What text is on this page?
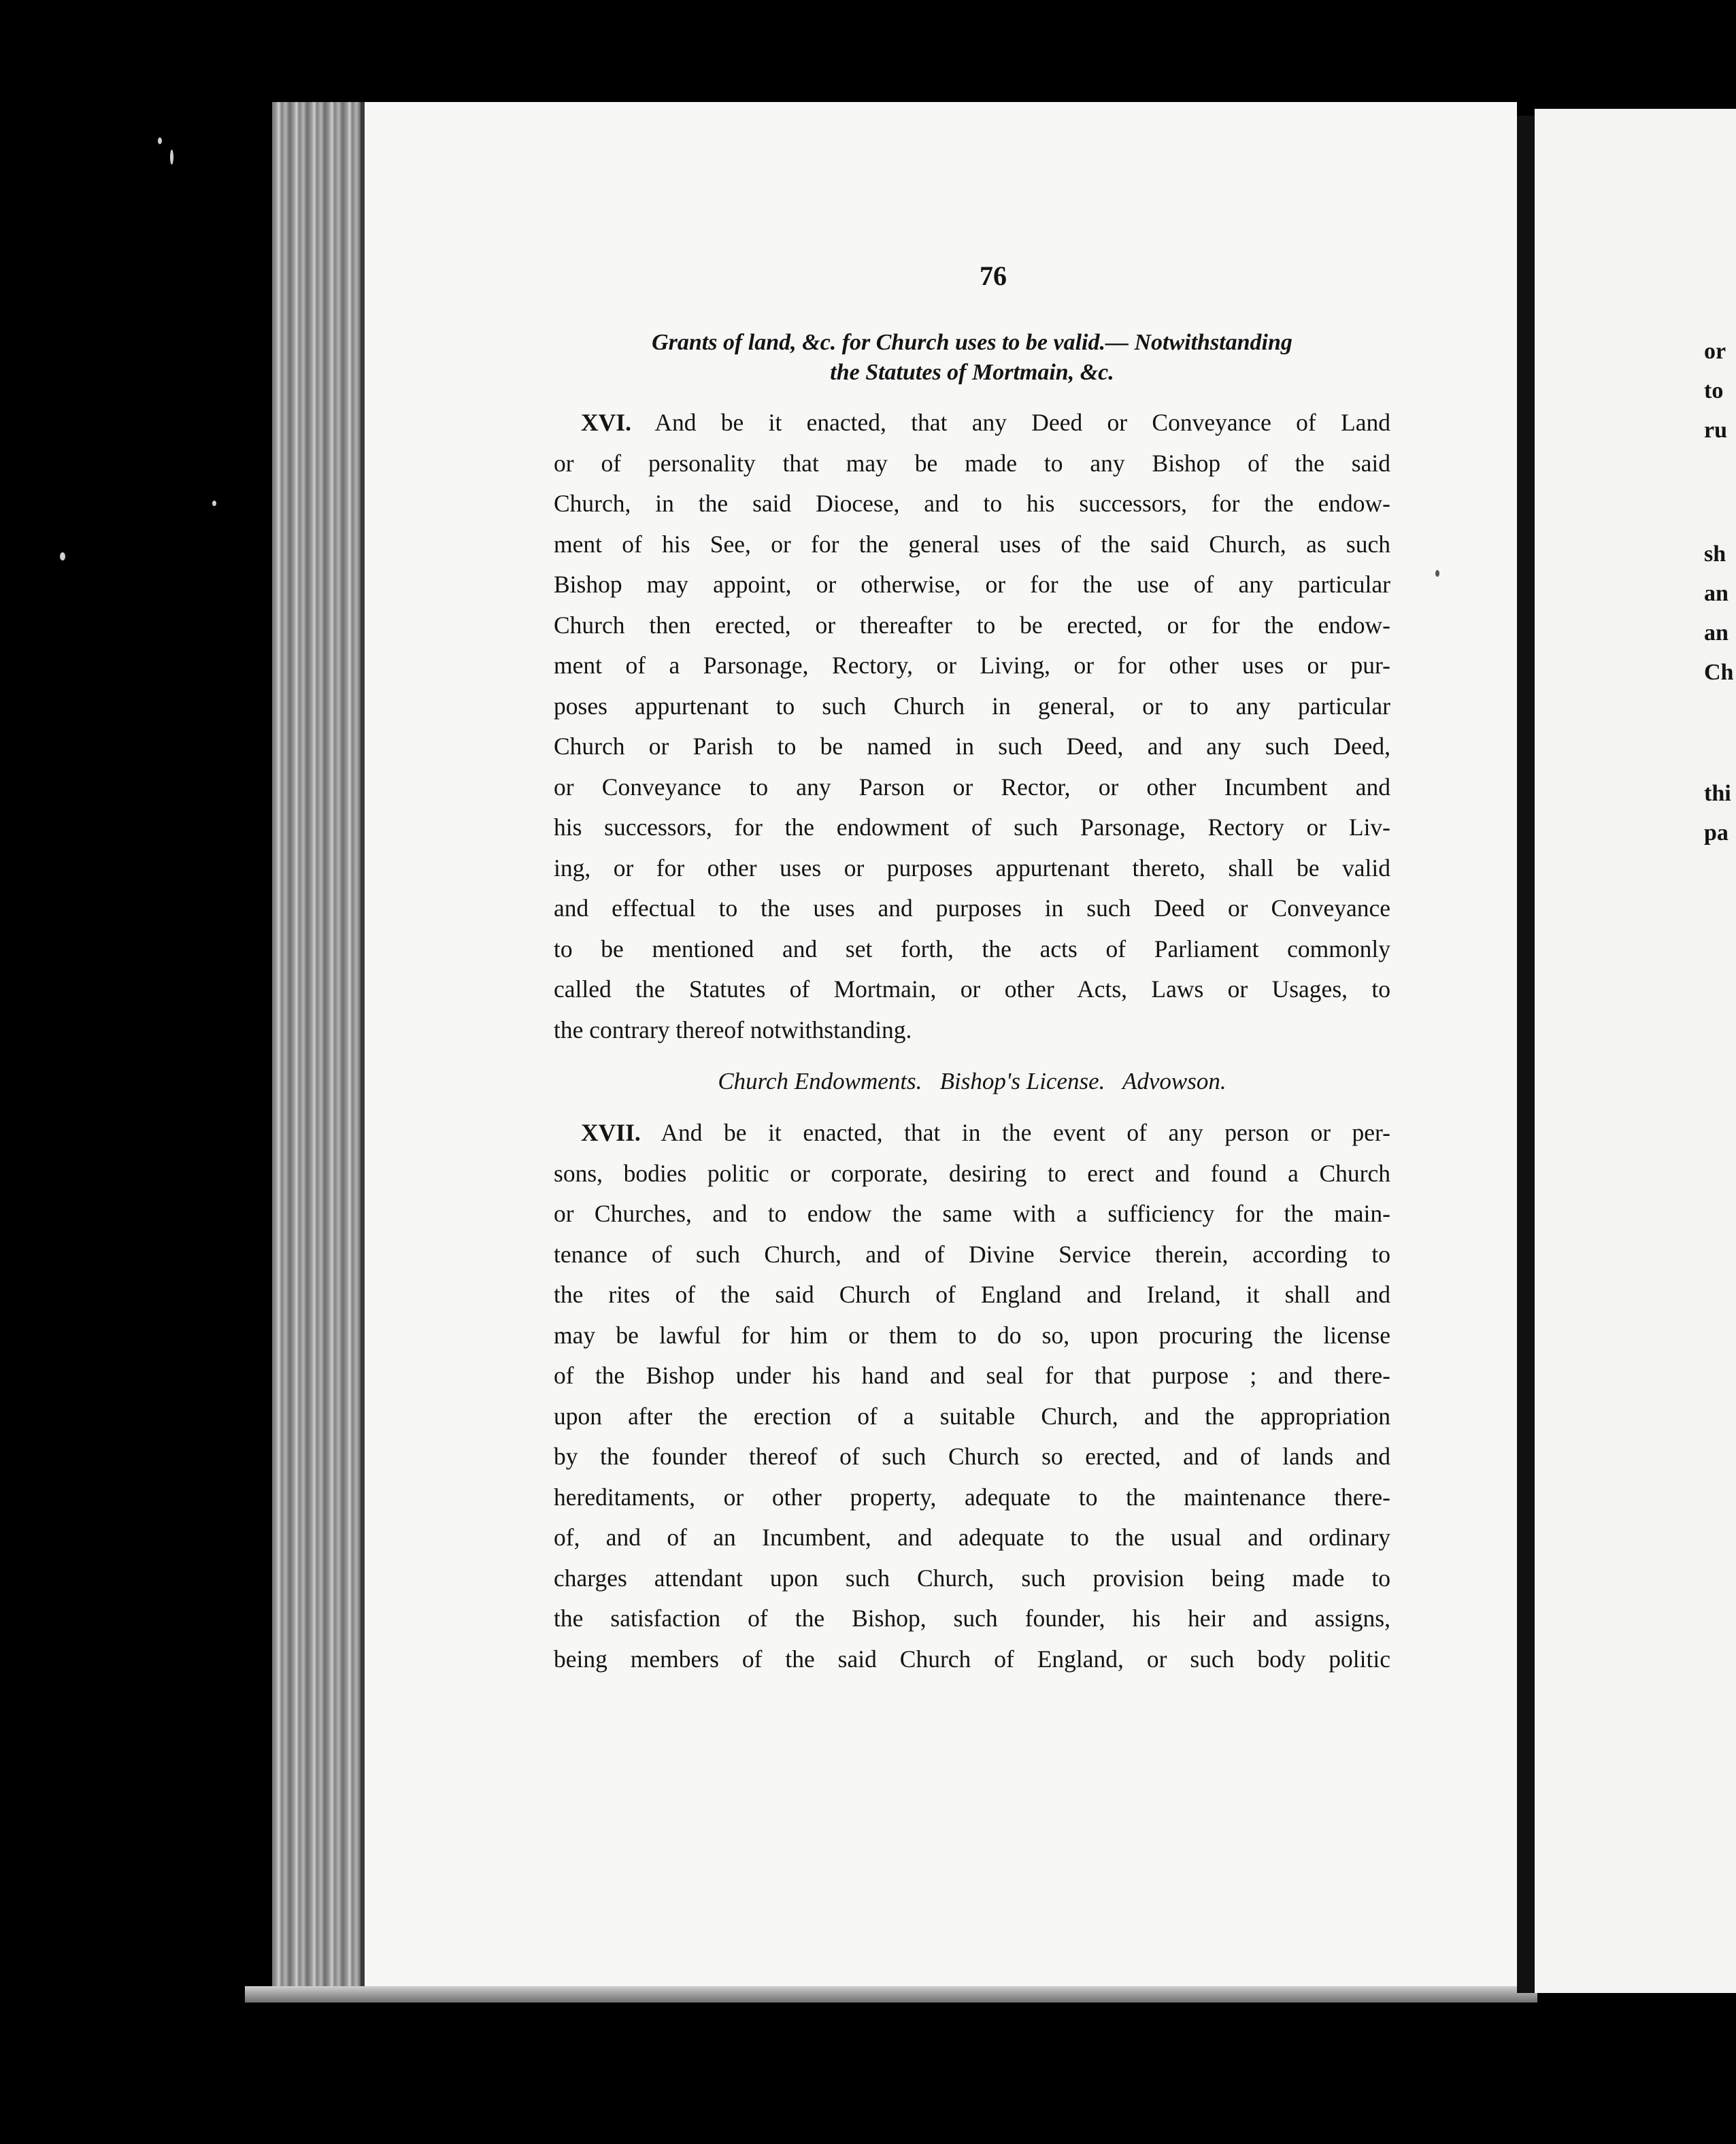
76

Grants of land, &c. for Church uses to be valid.— Notwithstanding

the Statutes of Mortmain, &c.

XVI. And be it enacted, that any Deed or Conveyance of Land
or of personality that may be made to any Bishop of the said
Church, in the said Diocese, and to his successors, for the endow-
ment of his See, or for the general uses of the said Church, as such
Bishop may appoint, or otherwise, or for the use of any particular
Church then erected, or thereafter to be erected, or for the endow-
ment of a Parsonage, Rectory, or Living, or for other uses or pur-
poses appurtenant to such Church in general, or to any particular
Church or Parish to be named in such Deed, and any such Deed,
or Conveyance to any Parson or Rector, or other Incumbent and
his successors, for the endowment of such Parsonage, Rectory or Liv-
ing, or for other uses or purposes appurtenant thereto, shall be valid
and effectual to the uses and purposes in such Deed or Conveyance
to be mentioned and set forth, the acts of Parliament commonly
called the Statutes of Mortmain, or other Acts, Laws or Usages, to
the contrary thereof notwithstanding.

Church Endowments.   Bishop's License.   Advowson.

XVII. And be it enacted, that in the event of any person or per-
sons, bodies politic or corporate, desiring to erect and found a Church
or Churches, and to endow the same with a sufficiency for the main-
tenance of such Church, and of Divine Service therein, according to
the rites of the said Church of England and Ireland, it shall and
may be lawful for him or them to do so, upon procuring the license
of the Bishop under his hand and seal for that purpose ; and there-
upon after the erection of a suitable Church, and the appropriation
by the founder thereof of such Church so erected, and of lands and
hereditaments, or other property, adequate to the maintenance there-
of, and of an Incumbent, and adequate to the usual and ordinary
charges attendant upon such Church, such provision being made to
the satisfaction of the Bishop, such founder, his heir and assigns,
being members of the said Church of England, or such body politic
or
to
ru
sh
an
an
Ch
thi
pa
